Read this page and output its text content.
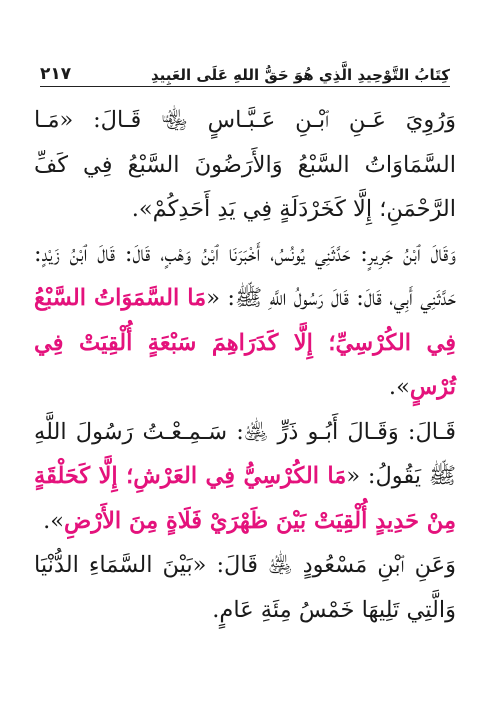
٢١٧	كِتَابُ التَّوْحِيدِ الَّذِي هُوَ حَقُّ اللهِ عَلَى العَبِيدِ

وَرُوِيَ عَـنِ ٱبْـنِ عَـبَّـاسٍ ﵄ قَـالَ: «مَـا السَّمَاوَاتُ السَّبْعُ وَالأَرَضُونَ السَّبْعُ فِي كَفِّ الرَّحْمَنِ؛ إِلَّا كَخَرْدَلَةٍ فِي يَدِ أَحَدِكُمْ».

وَقَالَ ٱبْنُ جَرِيرٍ: حَدَّثَنِي يُونُسُ، أَخْبَرَنَا ٱبْنُ وَهْبٍ، قَالَ: قَالَ ٱبْنُ زَيْدٍ: حَدَّثَنِي أَبِي، قَالَ: قَالَ رَسُولُ اللَّهِ ﷺ: «مَا السَّمَوَاتُ السَّبْعُ فِي الكُرْسِيِّ؛ إِلَّا كَدَرَاهِمَ سَبْعَةٍ أُلْقِيَتْ فِي تُرْسٍ».

قَـالَ: وَقَـالَ أَبُـو ذَرٍّ ﵁: سَـمِـعْـتُ رَسُولَ اللَّهِ ﷺ يَقُولُ: «مَا الكُرْسِيُّ فِي العَرْشِ؛ إِلَّا كَحَلْقَةٍ مِنْ حَدِيدٍ أُلْقِيَتْ بَيْنَ ظَهْرَيْ فَلَاةٍ مِنَ الأَرْضِ».

وَعَنِ ٱبْنِ مَسْعُودٍ ﵁ قَالَ: «بَيْنَ السَّمَاءِ الدُّنْيَا وَالَّتِي تَلِيهَا خَمْسُ مِئَةِ عَامٍ.
